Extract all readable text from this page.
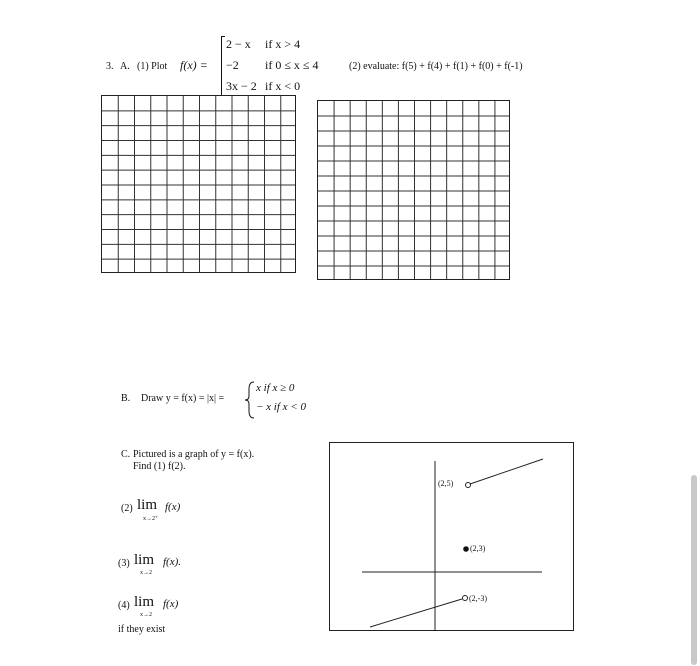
3. A. (1) Plot f(x) =
2 − x if x > 4
−2 if 0 ≤ x ≤ 4
3x − 2 if x < 0
(2) evaluate: f(5) + f(4) + f(1) + f(0) + f(-1)
B. Draw y = f(x) = |x| =
x if x ≥ 0
− x if x < 0
C. Pictured is a graph of y = f(x).
Find (1) f(2).
(2) lim
x→2⁺
f(x)
(3) lim
x→2
f(x).
(4) lim
x→2
f(x)
if they exist
(2,5)
(2,3)
(2,-3)
